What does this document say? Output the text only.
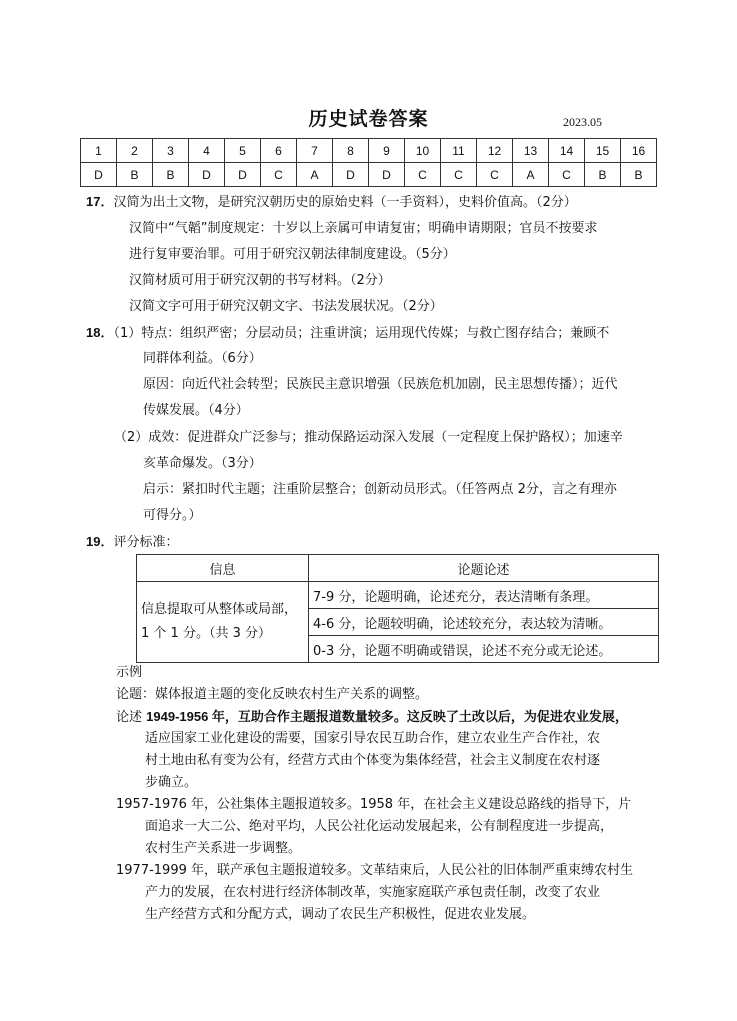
历史试卷答案	2023.05
1	2	3	4	5	6	7	8	9	10	11	12	13	14	15	16
D	B	B	D	D	C	A	D	D	C	C	C	A	C	B	B
17．汉简为出土文物，是研究汉朝历史的原始史料（一手资料），史料价值高。（2分）
汉简中“气韜”制度规定：十岁以上亲属可申请复宙；明确申请期限；官员不按要求
进行复审要治罪。可用于研究汉朝法律制度建设。（5分）
汉简材质可用于研究汉朝的书写材料。（2分）
汉简文字可用于研究汉朝文字、书法发展状况。（2分）
18．（1）特点：组织严密；分层动员；注重讲演；运用现代传媒；与救亡图存结合；兼顾不
同群体利益。（6分）
原因：向近代社会转型；民族民主意识增强（民族危机加剧，民主思想传播）；近代
传媒发展。（4分）
（2）成效：促进群众广泛参与；推动保路运动深入发展（一定程度上保护路权）；加速辛
亥革命爆发。（3分）
启示：紧扣时代主题；注重阶层整合；创新动员形式。（任答两点 2分，言之有理亦
可得分。）
19．评分标准：
信息	论题论述

信息提取可从整体或局部，
1 个 1 分。（共 3 分）	7-9 分，论题明确，论述充分，表达清晰有条理。
	4-6 分，论题较明确，论述较充分，表达较为清晰。
	0-3 分，论题不明确或错误，论述不充分或无论述。
示例
论题：媒体报道主题的变化反映农村生产关系的调整。
论述 1949-1956 年，互助合作主题报道数量较多。这反映了土改以后，为促进农业发展，
适应国家工业化建设的需要，国家引导农民互助合作，建立农业生产合作社，农
村土地由私有变为公有，经营方式由个体变为集体经营，社会主义制度在农村逐
步确立。
1957-1976 年，公社集体主题报道较多。1958 年，在社会主义建设总路线的指导下，片
面追求一大二公、绝对平均，人民公社化运动发展起来，公有制程度进一步提高，
农村生产关系进一步调整。
1977-1999 年，联产承包主题报道较多。文革结束后，人民公社的旧体制严重束缚农村生
产力的发展，在农村进行经济体制改革，实施家庭联产承包责任制，改变了农业
生产经营方式和分配方式，调动了农民生产积极性，促进农业发展。
